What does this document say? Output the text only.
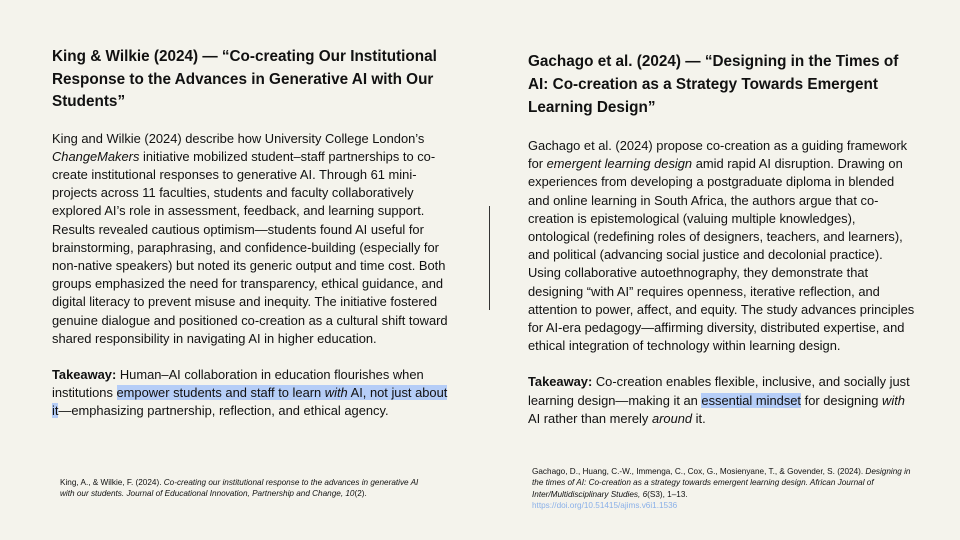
King & Wilkie (2024) — “Co-creating Our Institutional Response to the Advances in Generative AI with Our Students”
King and Wilkie (2024) describe how University College London’s ChangeMakers initiative mobilized student–staff partnerships to co-create institutional responses to generative AI. Through 61 mini-projects across 11 faculties, students and faculty collaboratively explored AI’s role in assessment, feedback, and learning support. Results revealed cautious optimism—students found AI useful for brainstorming, paraphrasing, and confidence-building (especially for non-native speakers) but noted its generic output and time cost. Both groups emphasized the need for transparency, ethical guidance, and digital literacy to prevent misuse and inequity. The initiative fostered genuine dialogue and positioned co-creation as a cultural shift toward shared responsibility in navigating AI in higher education.
Takeaway: Human–AI collaboration in education flourishes when institutions empower students and staff to learn with AI, not just about it—emphasizing partnership, reflection, and ethical agency.
Gachago et al. (2024) — “Designing in the Times of AI: Co-creation as a Strategy Towards Emergent Learning Design”
Gachago et al. (2024) propose co-creation as a guiding framework for emergent learning design amid rapid AI disruption. Drawing on experiences from developing a postgraduate diploma in blended and online learning in South Africa, the authors argue that co-creation is epistemological (valuing multiple knowledges), ontological (redefining roles of designers, teachers, and learners), and political (advancing social justice and decolonial practice). Using collaborative autoethnography, they demonstrate that designing “with AI” requires openness, iterative reflection, and attention to power, affect, and equity. The study advances principles for AI-era pedagogy—affirming diversity, distributed expertise, and ethical integration of technology within learning design.
Takeaway: Co-creation enables flexible, inclusive, and socially just learning design—making it an essential mindset for designing with AI rather than merely around it.
King, A., & Wilkie, F. (2024). Co-creating our institutional response to the advances in generative AI with our students. Journal of Educational Innovation, Partnership and Change, 10(2).
Gachago, D., Huang, C.-W., Immenga, C., Cox, G., Mosienyane, T., & Govender, S. (2024). Designing in the times of AI: Co-creation as a strategy towards emergent learning design. African Journal of Inter/Multidisciplinary Studies, 6(S3), 1–13.
https://doi.org/10.51415/ajims.v6i1.1536
